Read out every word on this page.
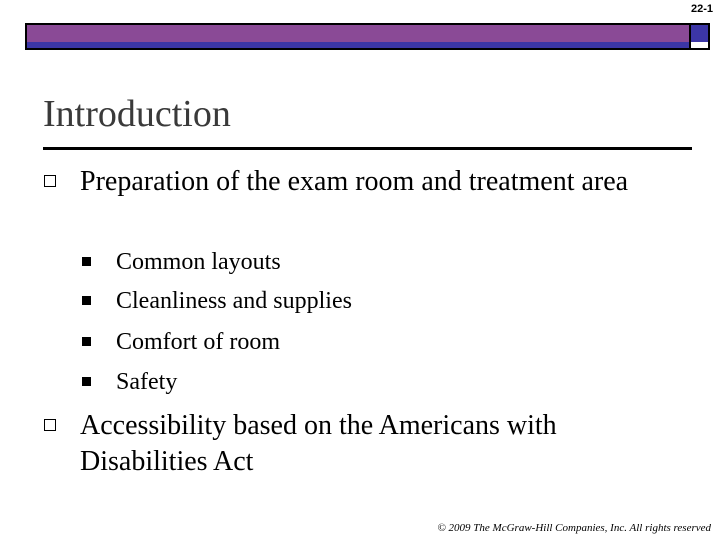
22-1
Introduction
Preparation of the exam room and treatment area
Common layouts
Cleanliness and supplies
Comfort of room
Safety
Accessibility based on the Americans with Disabilities Act
© 2009 The McGraw-Hill Companies, Inc. All rights reserved
